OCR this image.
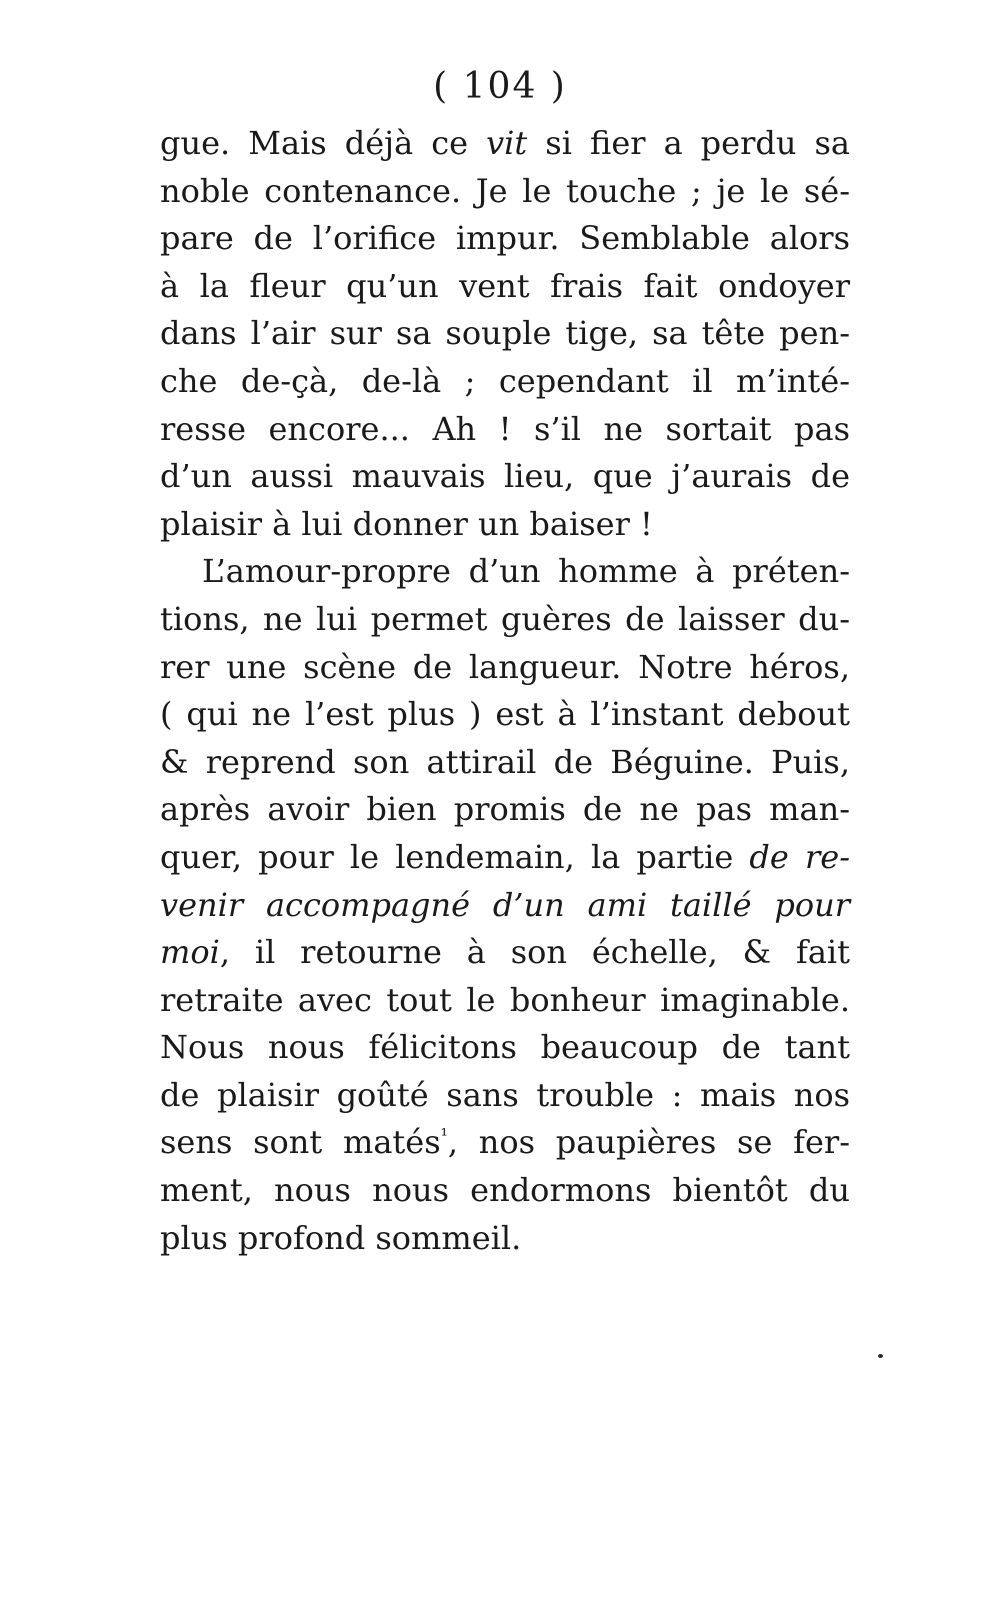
( 104 )
gue. Mais déjà ce vit si fier a perdu sa
noble contenance. Je le touche ; je le sé-
pare de l’orifice impur. Semblable alors
à la fleur qu’un vent frais fait ondoyer
dans l’air sur sa souple tige, sa tête pen-
che de-çà, de-là ; cependant il m’inté-
resse encore... Ah ! s’il ne sortait pas
d’un aussi mauvais lieu, que j’aurais de
plaisir à lui donner un baiser !
L’amour-propre d’un homme à préten-
tions, ne lui permet guères de laisser du-
rer une scène de langueur. Notre héros,
( qui ne l’est plus ) est à l’instant debout
& reprend son attirail de Béguine. Puis,
après avoir bien promis de ne pas man-
quer, pour le lendemain, la partie de re-
venir accompagné d’un ami taillé pour
moi, il retourne à son échelle, & fait
retraite avec tout le bonheur imaginable.
Nous nous félicitons beaucoup de tant
de plaisir goûté sans trouble : mais nos
sens sont matés$^{^1}$, nos paupières se fer-
ment, nous nous endormons bientôt du
plus profond sommeil.
